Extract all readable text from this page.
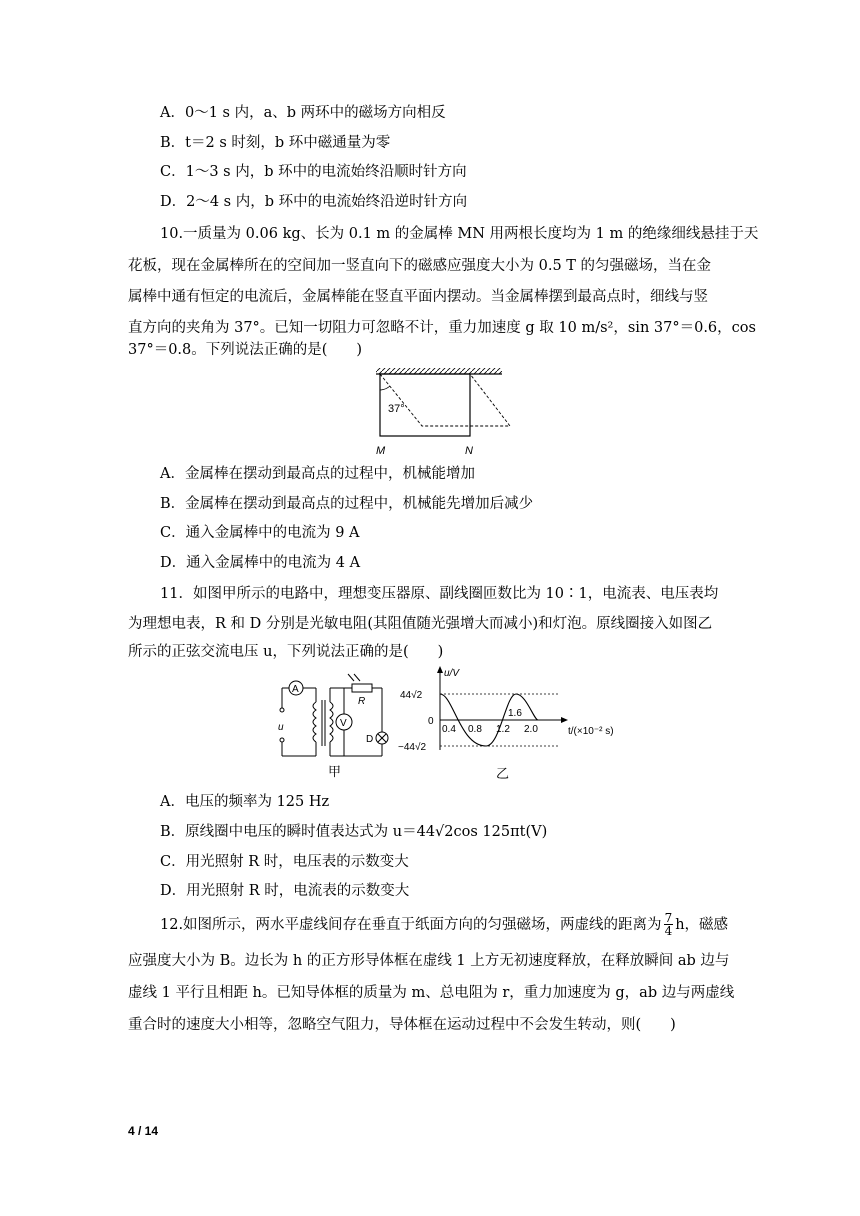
A．0～1 s 内，a、b 两环中的磁场方向相反
B．t＝2 s 时刻，b 环中磁通量为零
C．1～3 s 内，b 环中的电流始终沿顺时针方向
D．2～4 s 内，b 环中的电流始终沿逆时针方向
10.一质量为 0.06 kg、长为 0.1 m 的金属棒 MN 用两根长度均为 1 m 的绝缘细线悬挂于天
花板，现在金属棒所在的空间加一竖直向下的磁感应强度大小为 0.5 T 的匀强磁场，当在金
属棒中通有恒定的电流后，金属棒能在竖直平面内摆动。当金属棒摆到最高点时，细线与竖
直方向的夹角为 37°。已知一切阻力可忽略不计，重力加速度 g 取 10 m/s²，sin 37°＝0.6，cos
37°＝0.8。下列说法正确的是(　　)
37°
M	N
A．金属棒在摆动到最高点的过程中，机械能增加
B．金属棒在摆动到最高点的过程中，机械能先增加后减少
C．通入金属棒中的电流为 9 A
D．通入金属棒中的电流为 4 A
11．如图甲所示的电路中，理想变压器原、副线圈匝数比为 10∶1，电流表、电压表均
为理想电表，R 和 D 分别是光敏电阻(其阻值随光强增大而减小)和灯泡。原线圈接入如图乙
所示的正弦交流电压 u，下列说法正确的是(　　)
A
u
R
D
V
甲
u/V
t/(×10⁻² s)
44√2
0
−44√2
0.4 0.8 1.2 2.0
1.6
乙
A．电压的频率为 125 Hz
B．原线圈中电压的瞬时值表达式为 u＝44√2cos 125πt(V)
C．用光照射 R 时，电压表的示数变大
D．用光照射 R 时，电流表的示数变大
12.如图所示，两水平虚线间存在垂直于纸面方向的匀强磁场，两虚线的距离为 $\frac{7}{4}$ h，磁感
应强度大小为 B。边长为 h 的正方形导体框在虚线 1 上方无初速度释放，在释放瞬间 ab 边与
虚线 1 平行且相距 h。已知导体框的质量为 m、总电阻为 r，重力加速度为 g，ab 边与两虚线
重合时的速度大小相等，忽略空气阻力，导体框在运动过程中不会发生转动，则(　　)
4 / 14
